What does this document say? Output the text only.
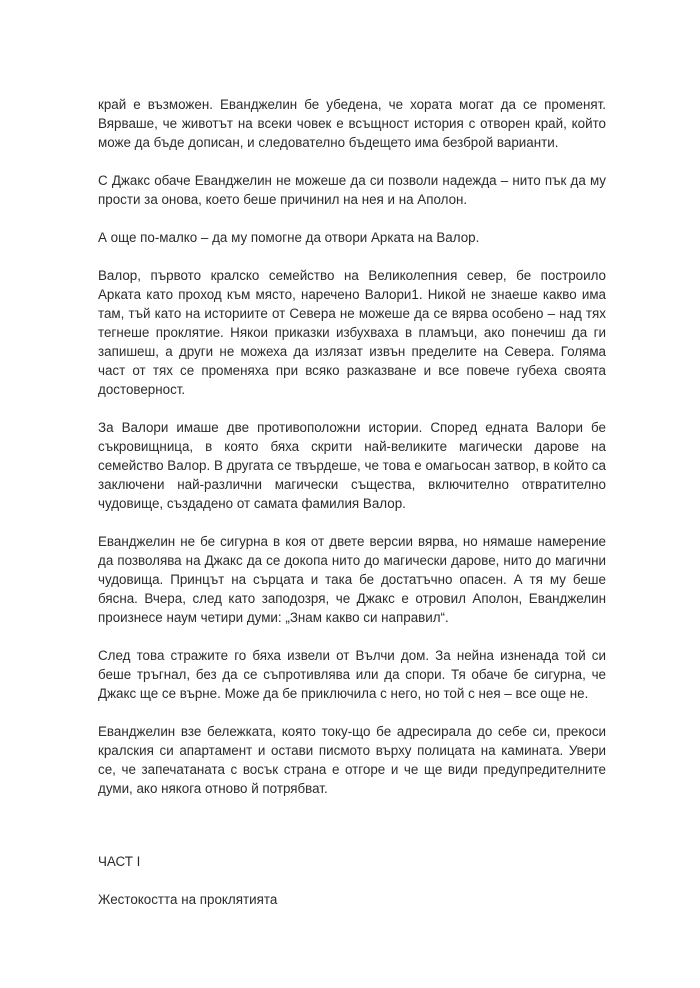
край е възможен. Еванджелин бе убедена, че хората могат да се променят. Вярваше, че животът на всеки човек е всъщност история с отворен край, който може да бъде дописан, и следователно бъдещето има безброй варианти.

С Джакс обаче Еванджелин не можеше да си позволи надежда – нито пък да му прости за онова, което беше причинил на нея и на Аполон.

А още по-малко – да му помогне да отвори Арката на Валор.

Валор, първото кралско семейство на Великолепния север, бе построило Арката като проход към място, наречено Валори1. Никой не знаеше какво има там, тъй като на историите от Севера не можеше да се вярва особено – над тях тегнеше проклятие. Някои приказки избухваха в пламъци, ако понечиш да ги запишеш, а други не можеха да излязат извън пределите на Севера. Голяма част от тях се променяха при всяко разказване и все повече губеха своята достоверност.

За Валори имаше две противоположни истории. Според едната Валори бе съкровищница, в която бяха скрити най-великите магически дарове на семейство Валор. В другата се твърдеше, че това е омагьосан затвор, в който са заключени най-различни магически същества, включително отвратително чудовище, създадено от самата фамилия Валор.

Еванджелин не бе сигурна в коя от двете версии вярва, но нямаше намерение да позволява на Джакс да се докопа нито до магически дарове, нито до магични чудовища. Принцът на сърцата и така бе достатъчно опасен. А тя му беше бясна. Вчера, след като заподозря, че Джакс е отровил Аполон, Еванджелин произнесе наум четири думи: „Знам какво си направил“.

След това стражите го бяха извели от Вълчи дом. За нейна изненада той си беше тръгнал, без да се съпротивлява или да спори. Тя обаче бе сигурна, че Джакс ще се върне. Може да бе приключила с него, но той с нея – все още не.

Еванджелин взе бележката, която току-що бе адресирала до себе си, прекоси кралския си апартамент и остави писмото върху полицата на камината. Увери се, че запечатаната с восък страна е отгоре и че ще види предупредителните думи, ако някога отново й потрябват.

ЧАСТ I

Жестокостта на проклятията
